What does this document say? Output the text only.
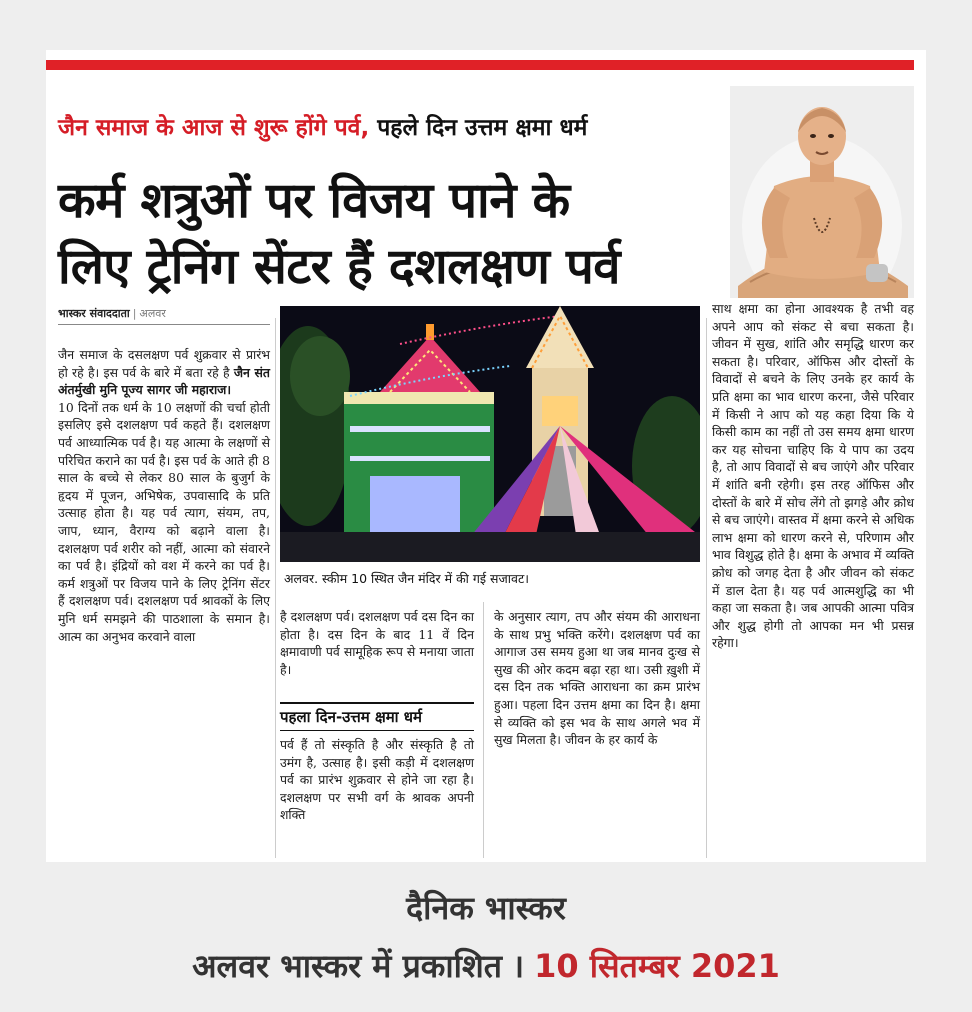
जैन समाज के आज से शुरू होंगे पर्व, पहले दिन उत्तम क्षमा धर्म
कर्म शत्रुओं पर विजय पाने के
लिए ट्रेनिंग सेंटर हैं दशलक्षण पर्व
भास्कर संवाददाता | अलवर

जैन समाज के दसलक्षण पर्व शुक्रवार से प्रारंभ हो रहे है। इस पर्व के बारे में बता रहे है जैन संत अंतर्मुखी मुनि पूज्य सागर जी महाराज।

10 दिनों तक धर्म के 10 लक्षणों की चर्चा होती इसलिए इसे दशलक्षण पर्व कहते हैं। दशलक्षण पर्व आध्यात्मिक पर्व है। यह आत्मा के लक्षणों से परिचित कराने का पर्व है। इस पर्व के आते ही 8 साल के बच्चे से लेकर 80 साल के बुजुर्ग के हृदय में पूजन, अभिषेक, उपवासादि के प्रति उत्साह होता है। यह पर्व त्याग, संयम, तप, जाप, ध्यान, वैराग्य को बढ़ाने वाला है। दशलक्षण पर्व शरीर को नहीं, आत्मा को संवारने का पर्व है। इंद्रियों को वश में करने का पर्व है। कर्म शत्रुओं पर विजय पाने के लिए ट्रेनिंग सेंटर हैं दशलक्षण पर्व। दशलक्षण पर्व श्रावकों के लिए मुनि धर्म समझने की पाठशाला के समान है। आत्म का अनुभव करवाने वाला

अलवर. स्कीम 10 स्थित जैन मंदिर में की गई सजावट।

है दशलक्षण पर्व। दशलक्षण पर्व दस दिन का होता है। दस दिन के बाद 11 वें दिन क्षमावाणी पर्व सामूहिक रूप से मनाया जाता है।

पहला दिन-उत्तम क्षमा धर्म

पर्व हैं तो संस्कृति है और संस्कृति है तो उमंग है, उत्साह है। इसी कड़ी में दशलक्षण पर्व का प्रारंभ शुक्रवार से होने जा रहा है। दशलक्षण पर सभी वर्ग के श्रावक अपनी शक्ति

के अनुसार त्याग, तप और संयम की आराधना के साथ प्रभु भक्ति करेंगे। दशलक्षण पर्व का आगाज उस समय हुआ था जब मानव दुःख से सुख की ओर कदम बढ़ा रहा था। उसी ख़ुशी में दस दिन तक भक्ति आराधना का क्रम प्रारंभ हुआ। पहला दिन उत्तम क्षमा का दिन है। क्षमा से व्यक्ति को इस भव के साथ अगले भव में सुख मिलता है। जीवन के हर कार्य के

साथ क्षमा का होना आवश्यक है तभी वह अपने आप को संकट से बचा सकता है। जीवन में सुख, शांति और समृद्धि धारण कर सकता है। परिवार, ऑफिस और दोस्तों के विवादों से बचने के लिए उनके हर कार्य के प्रति क्षमा का भाव धारण करना, जैसे परिवार में किसी ने आप को यह कहा दिया कि ये किसी काम का नहीं तो उस समय क्षमा धारण कर यह सोचना चाहिए कि ये पाप का उदय है, तो आप विवादों से बच जाएंगे और परिवार में शांति बनी रहेगी। इस तरह ऑफिस और दोस्तों के बारे में सोच लेंगे तो झगड़े और क्रोध से बच जाएंगे। वास्तव में क्षमा करने से अधिक लाभ क्षमा को धारण करने से, परिणाम और भाव विशुद्ध होते है। क्षमा के अभाव में व्यक्ति क्रोध को जगह देता है और जीवन को संकट में डाल देता है। यह पर्व आत्मशुद्धि का भी कहा जा सकता है। जब आपकी आत्मा पवित्र और शुद्ध होगी तो आपका मन भी प्रसन्न रहेगा।

दैनिक भास्कर
अलवर भास्कर में प्रकाशित । 10 सितम्बर 2021
